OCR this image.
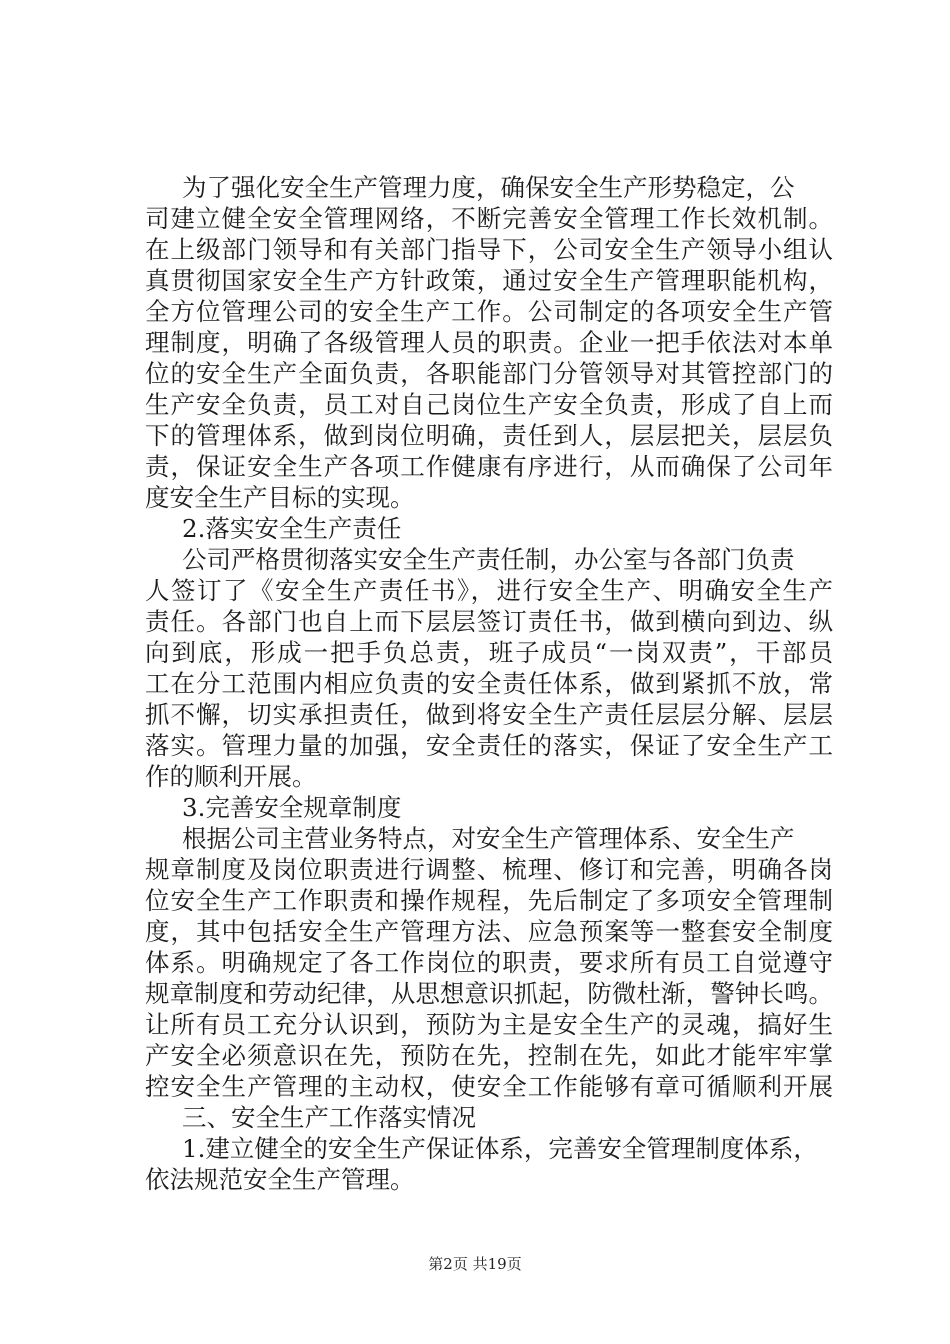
为了强化安全生产管理力度，确保安全生产形势稳定，公
司建立健全安全管理网络，不断完善安全管理工作长效机制。
在上级部门领导和有关部门指导下，公司安全生产领导小组认
真贯彻国家安全生产方针政策，通过安全生产管理职能机构，
全方位管理公司的安全生产工作。公司制定的各项安全生产管
理制度，明确了各级管理人员的职责。企业一把手依法对本单
位的安全生产全面负责，各职能部门分管领导对其管控部门的
生产安全负责，员工对自己岗位生产安全负责，形成了自上而
下的管理体系，做到岗位明确，责任到人，层层把关，层层负
责，保证安全生产各项工作健康有序进行，从而确保了公司年
度安全生产目标的实现。
2.落实安全生产责任
公司严格贯彻落实安全生产责任制，办公室与各部门负责
人签订了《安全生产责任书》，进行安全生产、明确安全生产
责任。各部门也自上而下层层签订责任书，做到横向到边、纵
向到底，形成一把手负总责，班子成员“一岗双责”，干部员
工在分工范围内相应负责的安全责任体系，做到紧抓不放，常
抓不懈，切实承担责任，做到将安全生产责任层层分解、层层
落实。管理力量的加强，安全责任的落实，保证了安全生产工
作的顺利开展。
3.完善安全规章制度
根据公司主营业务特点，对安全生产管理体系、安全生产
规章制度及岗位职责进行调整、梳理、修订和完善，明确各岗
位安全生产工作职责和操作规程，先后制定了多项安全管理制
度，其中包括安全生产管理方法、应急预案等一整套安全制度
体系。明确规定了各工作岗位的职责，要求所有员工自觉遵守
规章制度和劳动纪律，从思想意识抓起，防微杜渐，警钟长鸣。
让所有员工充分认识到，预防为主是安全生产的灵魂，搞好生
产安全必须意识在先，预防在先，控制在先，如此才能牢牢掌
控安全生产管理的主动权，使安全工作能够有章可循顺利开展
三、安全生产工作落实情况
1.建立健全的安全生产保证体系，完善安全管理制度体系，
依法规范安全生产管理。
第2页 共19页
